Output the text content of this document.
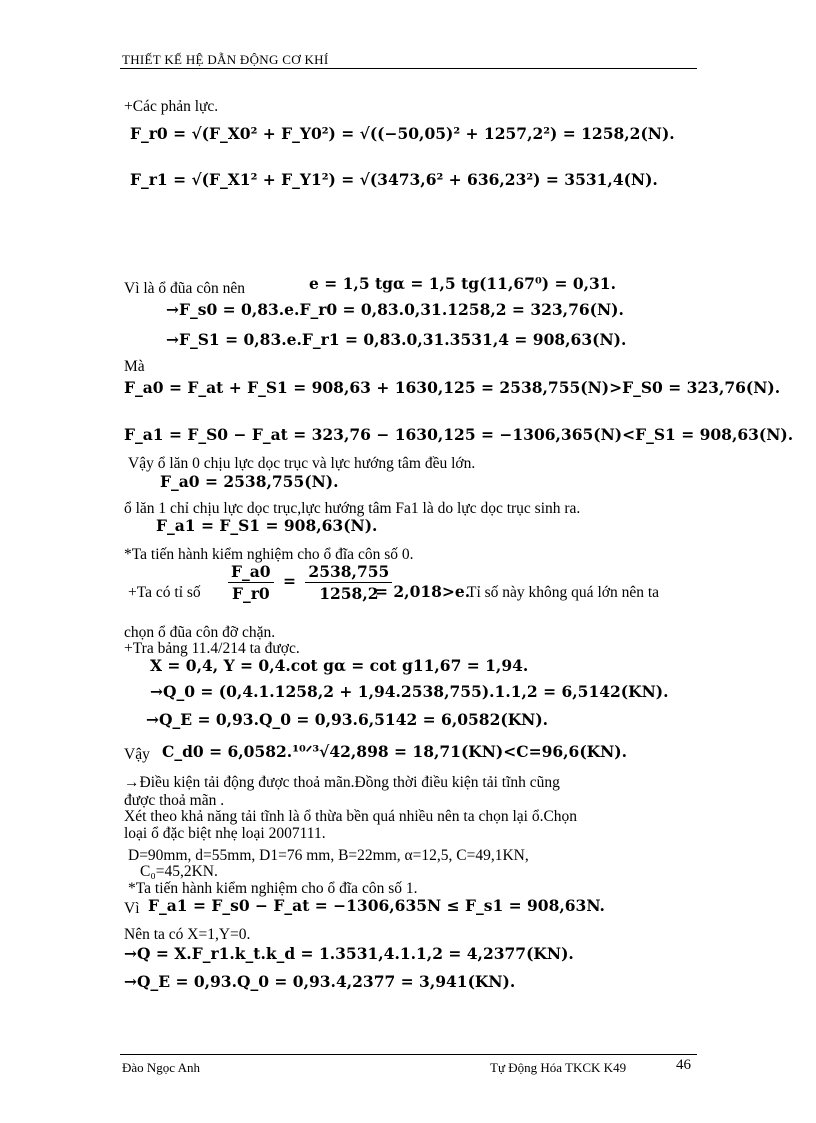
THIẾT KẾ HỆ DẪN ĐỘNG CƠ KHÍ
+Các phản lực.
F_r0 = √(F_X0² + F_Y0²) = √((−50,05)² + 1257,2²) = 1258,2(N).
F_r1 = √(F_X1² + F_Y1²) = √(3473,6² + 636,23²) = 3531,4(N).
Vì là ổ đũa côn nên	e = 1,5 tgα = 1,5 tg(11,67⁰) = 0,31.
→F_s0 = 0,83.e.F_r0 = 0,83.0,31.1258,2 = 323,76(N).
→F_S1 = 0,83.e.F_r1 = 0,83.0,31.3531,4 = 908,63(N).
Mà
F_a0 = F_at + F_S1 = 908,63 + 1630,125 = 2538,755(N)>F_S0 = 323,76(N).
F_a1 = F_S0 − F_at = 323,76 − 1630,125 = −1306,365(N)<F_S1 = 908,63(N).
Vậy ổ lăn 0 chịu lực dọc trục và lực hướng tâm đều lớn.
F_a0 = 2538,755(N).
ổ lăn 1 chỉ chịu lực dọc trục,lực hướng tâm Fa1 là do lực dọc trục sinh ra.
F_a1 = F_S1 = 908,63(N).
*Ta tiến hành kiểm nghiệm cho ổ đĩa côn số 0.
+Ta có tỉ số $\frac{F\_a0}{F\_r0} = \frac{2538,755}{1258,2}$
= 2,018>e.
Tỉ số này không quá lớn nên ta
chọn ổ đũa côn đỡ chặn.
+Tra bảng 11.4/214 ta được.
X = 0,4, Y = 0,4.cot gα = cot g11,67 = 1,94.
→Q_0 = (0,4.1.1258,2 + 1,94.2538,755).1.1,2 = 6,5142(KN).
→Q_E = 0,93.Q_0 = 0,93.6,5142 = 6,0582(KN).
Vậy C_d0 = 6,0582.¹⁰ᐟ³√42,898 = 18,71(KN)<C=96,6(KN).
→Điều kiện tải động được thoả mãn.Đồng thời điều kiện tải tĩnh cũng
được thoả mãn .
Xét theo khả năng tải tĩnh là ổ thừa bền quá nhiều nên ta chọn lại ổ.Chọn
loại ổ đặc biệt nhẹ loại 2007111.
D=90mm, d=55mm, D1=76 mm, B=22mm, α=12,5, C=49,1KN,
C₀=45,2KN.
*Ta tiến hành kiểm nghiệm cho ổ đĩa côn số 1.
Vì F_a1 = F_s0 − F_at = −1306,635N ≤ F_s1 = 908,63N.
Nên ta có X=1,Y=0.
→Q = X.F_r1.k_t.k_d = 1.3531,4.1.1,2 = 4,2377(KN).
→Q_E = 0,93.Q_0 = 0,93.4,2377 = 3,941(KN).
Đào Ngọc Anh	Tự Động Hóa TKCK K49	46
